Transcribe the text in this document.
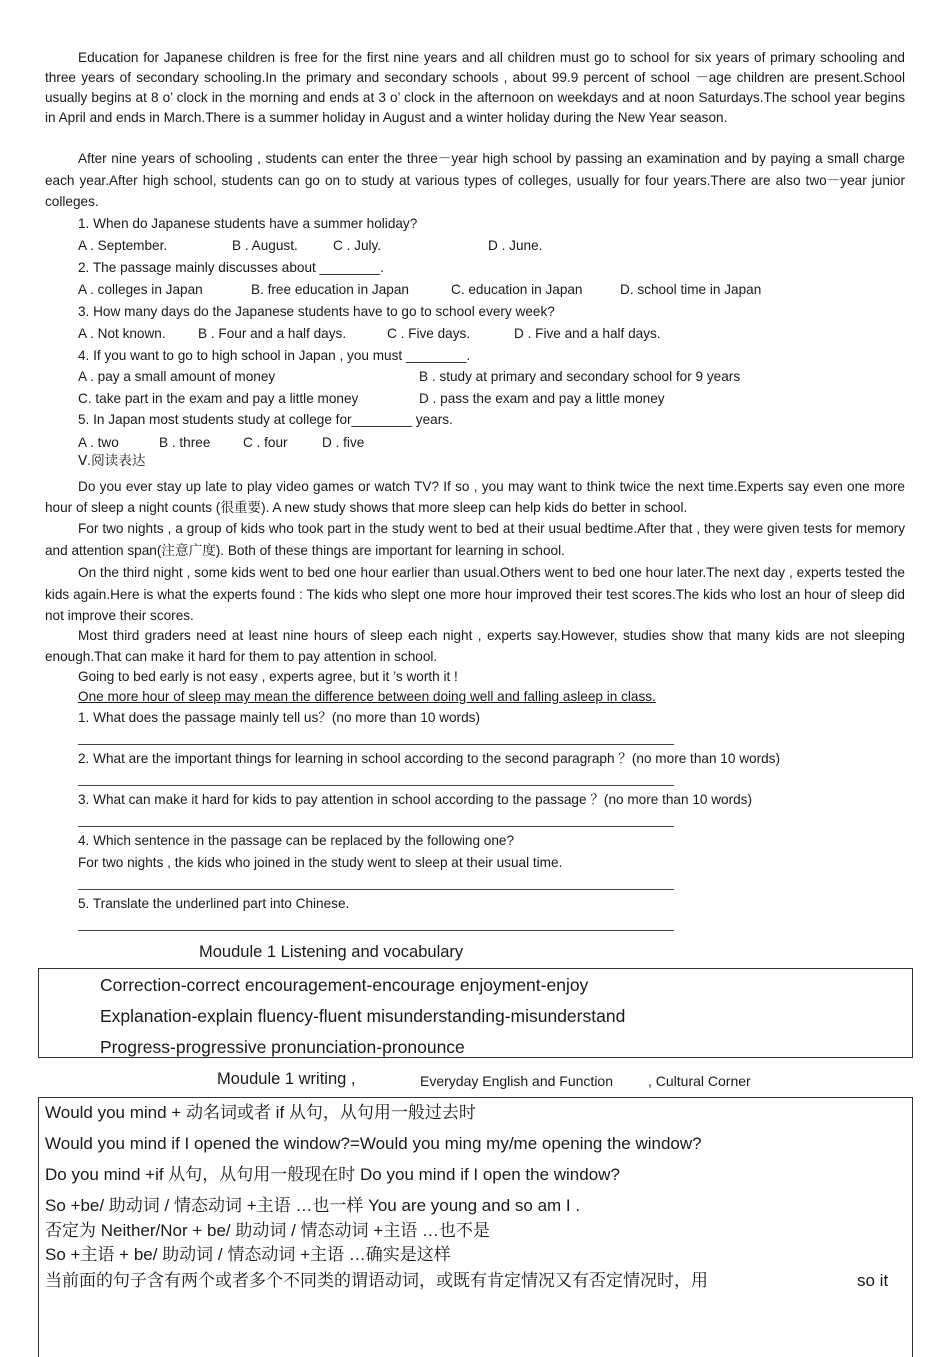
Education for Japanese children is free for the first nine years and all children must go to school for six years of primary schooling and three years of secondary schooling.In the primary and secondary schools , about 99.9 percent of school －age children are present.School usually begins at 8 o’ clock in the morning and ends at 3 o’ clock in the afternoon on weekdays and at noon Saturdays.The school year begins in April and ends in March.There is a summer holiday in August and a winter holiday during the New Year season.
After nine years of schooling , students can enter the three－year high school by passing an examination and by paying a small charge each year.After high school, students can go on to study at various types of colleges, usually for four years.There are also two－year junior colleges.
1. When do Japanese students have a summer holiday?
A . September.	B . August.	C . July.	D . June.
2. The passage mainly discusses about ________.
A . colleges in Japan	B. free education in Japan	C. education in Japan	D. school time in Japan
3. How many days do the Japanese students have to go to school every week?
A . Not known. B . Four and a half days.	C . Five days.	D . Five and a half days.
4. If you want to go to high school in Japan , you must ________.
A . pay a small amount of money	B . study at primary and secondary school for 9 years
C. take part in the exam and pay a little money	D . pass the exam and pay a little money
5. In Japan most students study at college for________ years.
A . two	B . three C . four	D . five
Ⅴ.阅读表达
Do you ever stay up late to play video games or watch TV? If so , you may want to think twice the next time.Experts say even one more hour of sleep a night counts (很重要). A new study shows that more sleep can help kids do better in school.
For two nights , a group of kids who took part in the study went to bed at their usual bedtime.After that , they were given tests for memory and attention span(注意广度). Both of these things are important for learning in school.
On the third night , some kids went to bed one hour earlier than usual.Others went to bed one hour later.The next day , experts tested the kids again.Here is what the experts found : The kids who slept one more hour improved their test scores.The kids who lost an hour of sleep did not improve their scores.
Most third graders need at least nine hours of sleep each night , experts say.However, studies show that many kids are not sleeping enough.That can make it hard for them to pay attention in school.
Going to bed early is not easy , experts agree, but it ’s worth it !
One more hour of sleep may mean the difference between doing well and falling asleep in class.
1. What does the passage mainly tell us？(no more than 10 words)
2. What are the important things for learning in school according to the second paragraph ？(no more than 10 words)
3. What can make it hard for kids to pay attention in school according to the passage ？(no more than 10 words)
4. Which sentence in the passage can be replaced by the following one?
For two nights , the kids who joined in the study went to sleep at their usual time.
5. Translate the underlined part into Chinese.
Moudule 1 Listening and vocabulary
Correction-correct encouragement-encourage enjoyment-enjoy
Explanation-explain fluency-fluent misunderstanding-misunderstand
Progress-progressive pronunciation-pronounce
Moudule 1 writing ,	Everyday English and Function	, Cultural Corner
Would you mind + 动名词或者 if 从句，从句用一般过去时
Would you mind if I opened the window?=Would you ming my/me opening the window?
Do you mind +if 从句，从句用一般现在时 Do you mind if I open the window?
So +be/ 助动词 / 情态动词 +主语 …也一样 You are young and so am I .
否定为 Neither/Nor + be/ 助动词 / 情态动词 +主语 …也不是
So +主语 + be/ 助动词 / 情态动词 +主语 …确实是这样
当前面的句子含有两个或者多个不同类的谓语动词，或既有肯定情况又有否定情况时，用	so it
